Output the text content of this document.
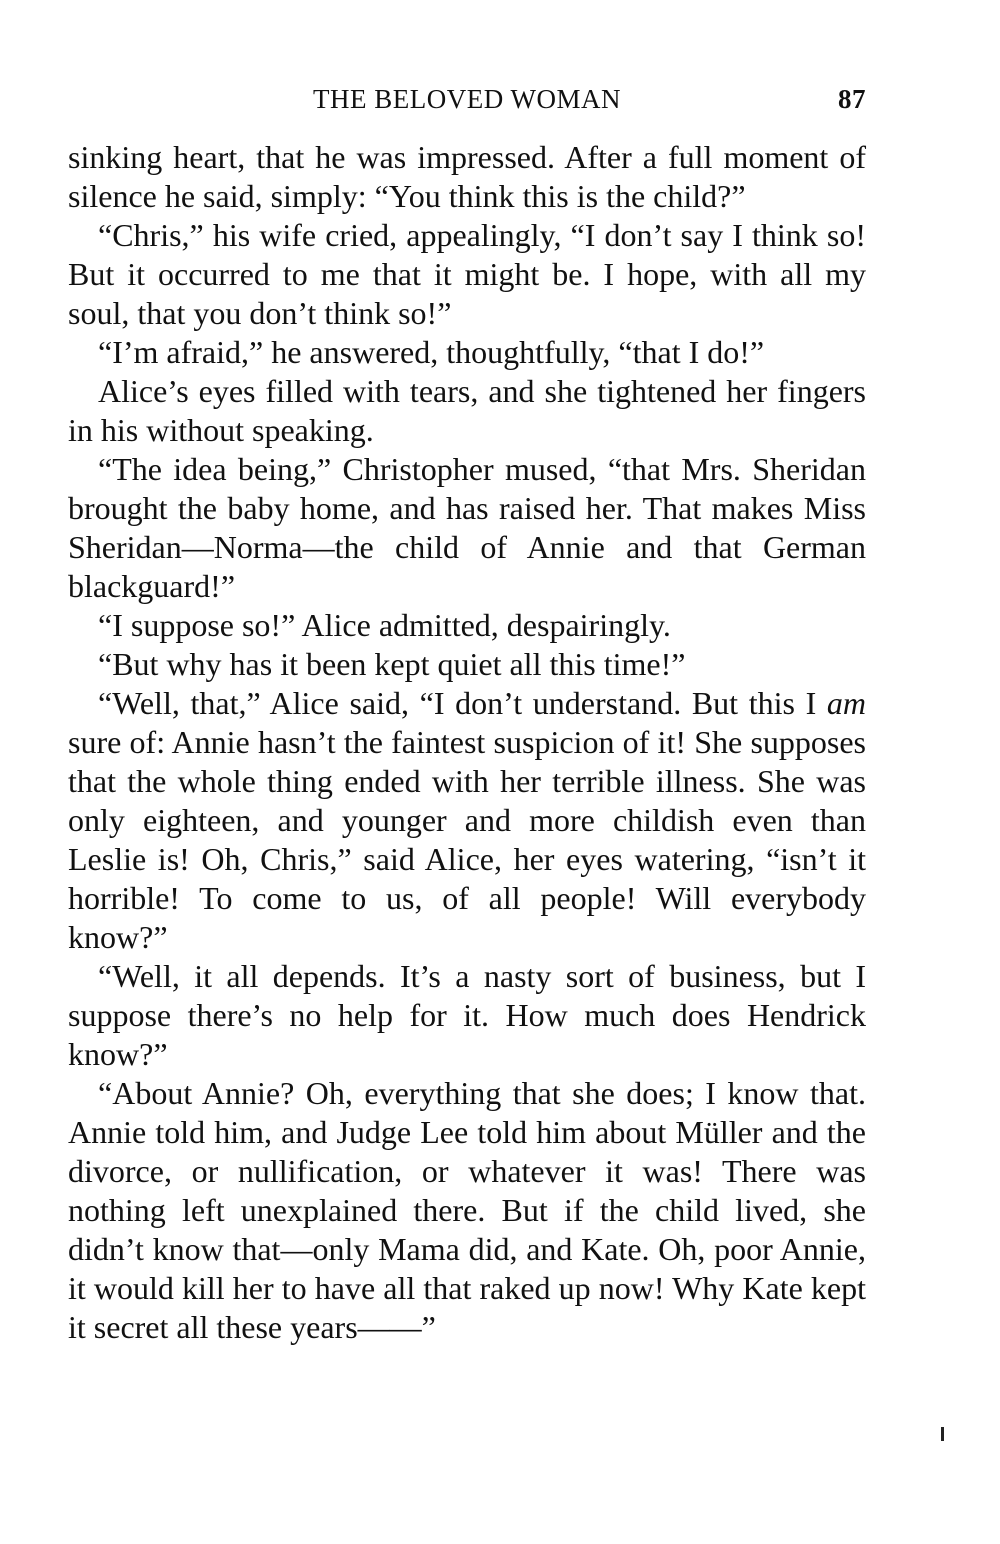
THE BELOVED WOMAN	87

sinking heart, that he was impressed. After a full moment of silence he said, simply: “You think this is the child?”

“Chris,” his wife cried, appealingly, “I don’t say I think so! But it occurred to me that it might be. I hope, with all my soul, that you don’t think so!”

“I’m afraid,” he answered, thoughtfully, “that I do!”

Alice’s eyes filled with tears, and she tightened her fingers in his without speaking.

“The idea being,” Christopher mused, “that Mrs. Sheridan brought the baby home, and has raised her. That makes Miss Sheridan—Norma—the child of Annie and that German blackguard!”

“I suppose so!” Alice admitted, despairingly.

“But why has it been kept quiet all this time!”

“Well, that,” Alice said, “I don’t understand. But this I am sure of: Annie hasn’t the faintest suspicion of it! She supposes that the whole thing ended with her terrible illness. She was only eighteen, and younger and more childish even than Leslie is! Oh, Chris,” said Alice, her eyes watering, “isn’t it horrible! To come to us, of all people! Will everybody know?”

“Well, it all depends. It’s a nasty sort of business, but I suppose there’s no help for it. How much does Hendrick know?”

“About Annie? Oh, everything that she does; I know that. Annie told him, and Judge Lee told him about Müller and the divorce, or nullification, or whatever it was! There was nothing left unexplained there. But if the child lived, she didn’t know that—only Mama did, and Kate. Oh, poor Annie, it would kill her to have all that raked up now! Why Kate kept it secret all these years——”
